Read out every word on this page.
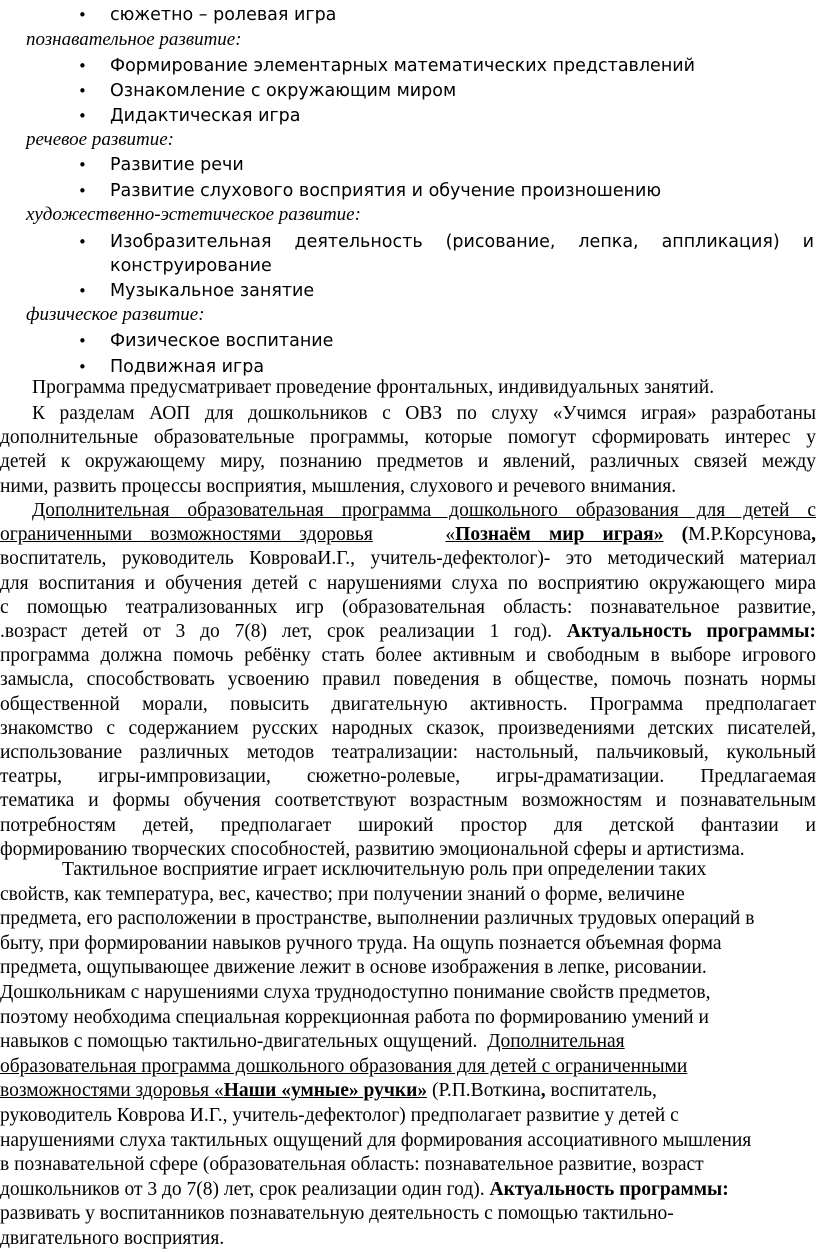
• сюжетно – ролевая игра
познавательное развитие:
• Формирование элементарных математических представлений
• Ознакомление с окружающим миром
• Дидактическая игра
речевое развитие:
• Развитие речи
• Развитие слухового восприятия и обучение произношению
художественно-эстетическое развитие:
• Изобразительная деятельность (рисование, лепка, аппликация) и
конструирование
• Музыкальное занятие
физическое развитие:
• Физическое воспитание
• Подвижная игра
Программа предусматривает проведение фронтальных, индивидуальных занятий.
К разделам АОП для дошкольников с ОВЗ по слуху «Учимся играя» разработаны
дополнительные образовательные программы, которые помогут сформировать интерес у
детей к окружающему миру, познанию предметов и явлений, различных связей между
ними, развить процессы восприятия, мышления, слухового и речевого внимания.
Дополнительная образовательная программа дошкольного образования для детей с
ограниченными возможностями здоровья	«Познаём мир играя» (М.Р.Корсунова,
воспитатель, руководитель КовроваИ.Г., учитель-дефектолог)- это методический материал
для воспитания и обучения детей с нарушениями слуха по восприятию окружающего мира
с помощью театрализованных игр (образовательная область: познавательное развитие,
.возраст детей от 3 до 7(8) лет, срок реализации 1 год). Актуальность программы:
программа должна помочь ребёнку стать более активным и свободным в выборе игрового
замысла, способствовать усвоению правил поведения в обществе, помочь познать нормы
общественной морали, повысить двигательную активность. Программа предполагает
знакомство с содержанием русских народных сказок, произведениями детских писателей,
использование различных методов театрализации: настольный, пальчиковый, кукольный
театры, игры-импровизации, сюжетно-ролевые, игры-драматизации. Предлагаемая
тематика и формы обучения соответствуют возрастным возможностям и познавательным
потребностям детей, предполагает широкий простор для детской фантазии и
формированию творческих способностей, развитию эмоциональной сферы и артистизма.
Тактильное восприятие играет исключительную роль при определении таких
свойств, как температура, вес, качество; при получении знаний о форме, величине
предмета, его расположении в пространстве, выполнении различных трудовых операций в
быту, при формировании навыков ручного труда. На ощупь познается объемная форма
предмета, ощупывающее движение лежит в основе изображения в лепке, рисовании.
Дошкольникам с нарушениями слуха труднодоступно понимание свойств предметов,
поэтому необходима специальная коррекционная работа по формированию умений и
навыков с помощью тактильно-двигательных ощущений. Дополнительная
образовательная программа дошкольного образования для детей с ограниченными
возможностями здоровья «Наши «умные» ручки» (Р.П.Воткина, воспитатель,
руководитель Коврова И.Г., учитель-дефектолог) предполагает развитие у детей с
нарушениями слуха тактильных ощущений для формирования ассоциативного мышления
в познавательной сфере (образовательная область: познавательное развитие, возраст
дошкольников от 3 до 7(8) лет, срок реализации один год). Актуальность программы:
развивать у воспитанников познавательную деятельность с помощью тактильно-
двигательного восприятия.
